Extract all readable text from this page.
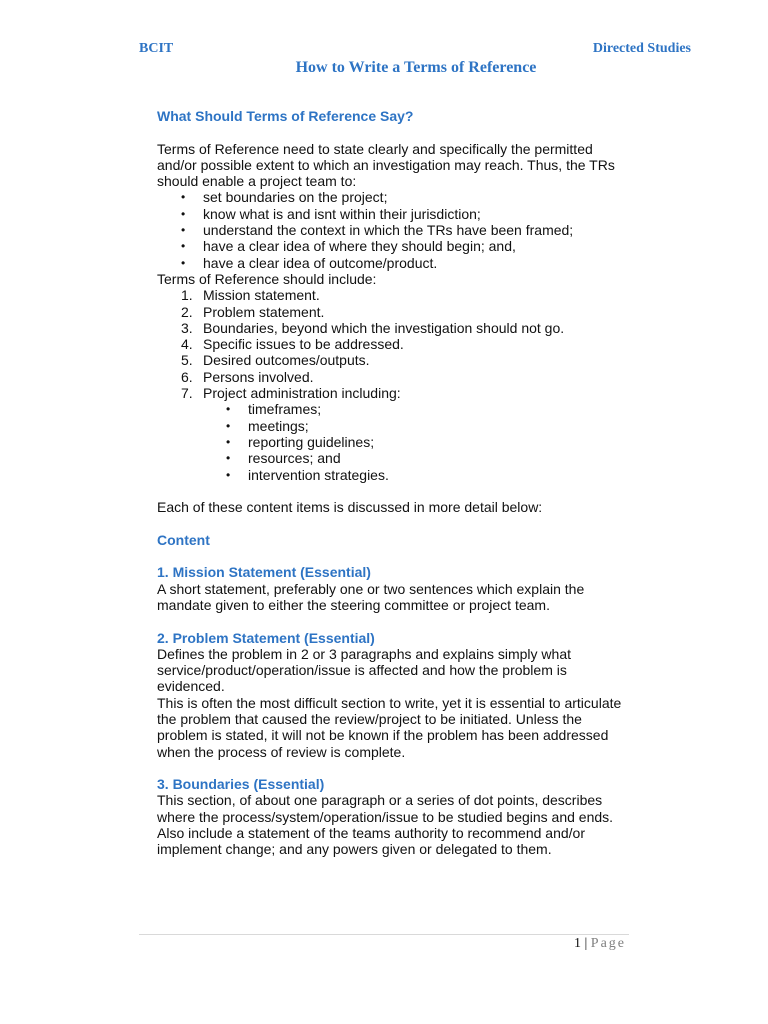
BCIT	Directed Studies
How to Write a Terms of Reference
What Should Terms of Reference Say?

Terms of Reference need to state clearly and specifically the permitted and/or possible extent to which an investigation may reach. Thus, the TRs should enable a project team to:

• set boundaries on the project;
• know what is and isnt within their jurisdiction;
• understand the context in which the TRs have been framed;
• have a clear idea of where they should begin; and,
• have a clear idea of outcome/product.

Terms of Reference should include:

1. Mission statement.
2. Problem statement.
3. Boundaries, beyond which the investigation should not go.
4. Specific issues to be addressed.
5. Desired outcomes/outputs.
6. Persons involved.
7. Project administration including:
• timeframes;
• meetings;
• reporting guidelines;
• resources; and
• intervention strategies.

Each of these content items is discussed in more detail below:

Content
1. Mission Statement (Essential)

A short statement, preferably one or two sentences which explain the mandate given to either the steering committee or project team.

2. Problem Statement (Essential)

Defines the problem in 2 or 3 paragraphs and explains simply what service/product/operation/issue is affected and how the problem is evidenced.

This is often the most difficult section to write, yet it is essential to articulate the problem that caused the review/project to be initiated. Unless the problem is stated, it will not be known if the problem has been addressed when the process of review is complete.

3. Boundaries (Essential)

This section, of about one paragraph or a series of dot points, describes where the process/system/operation/issue to be studied begins and ends.

Also include a statement of the teams authority to recommend and/or implement change; and any powers given or delegated to them.

1 | Page
